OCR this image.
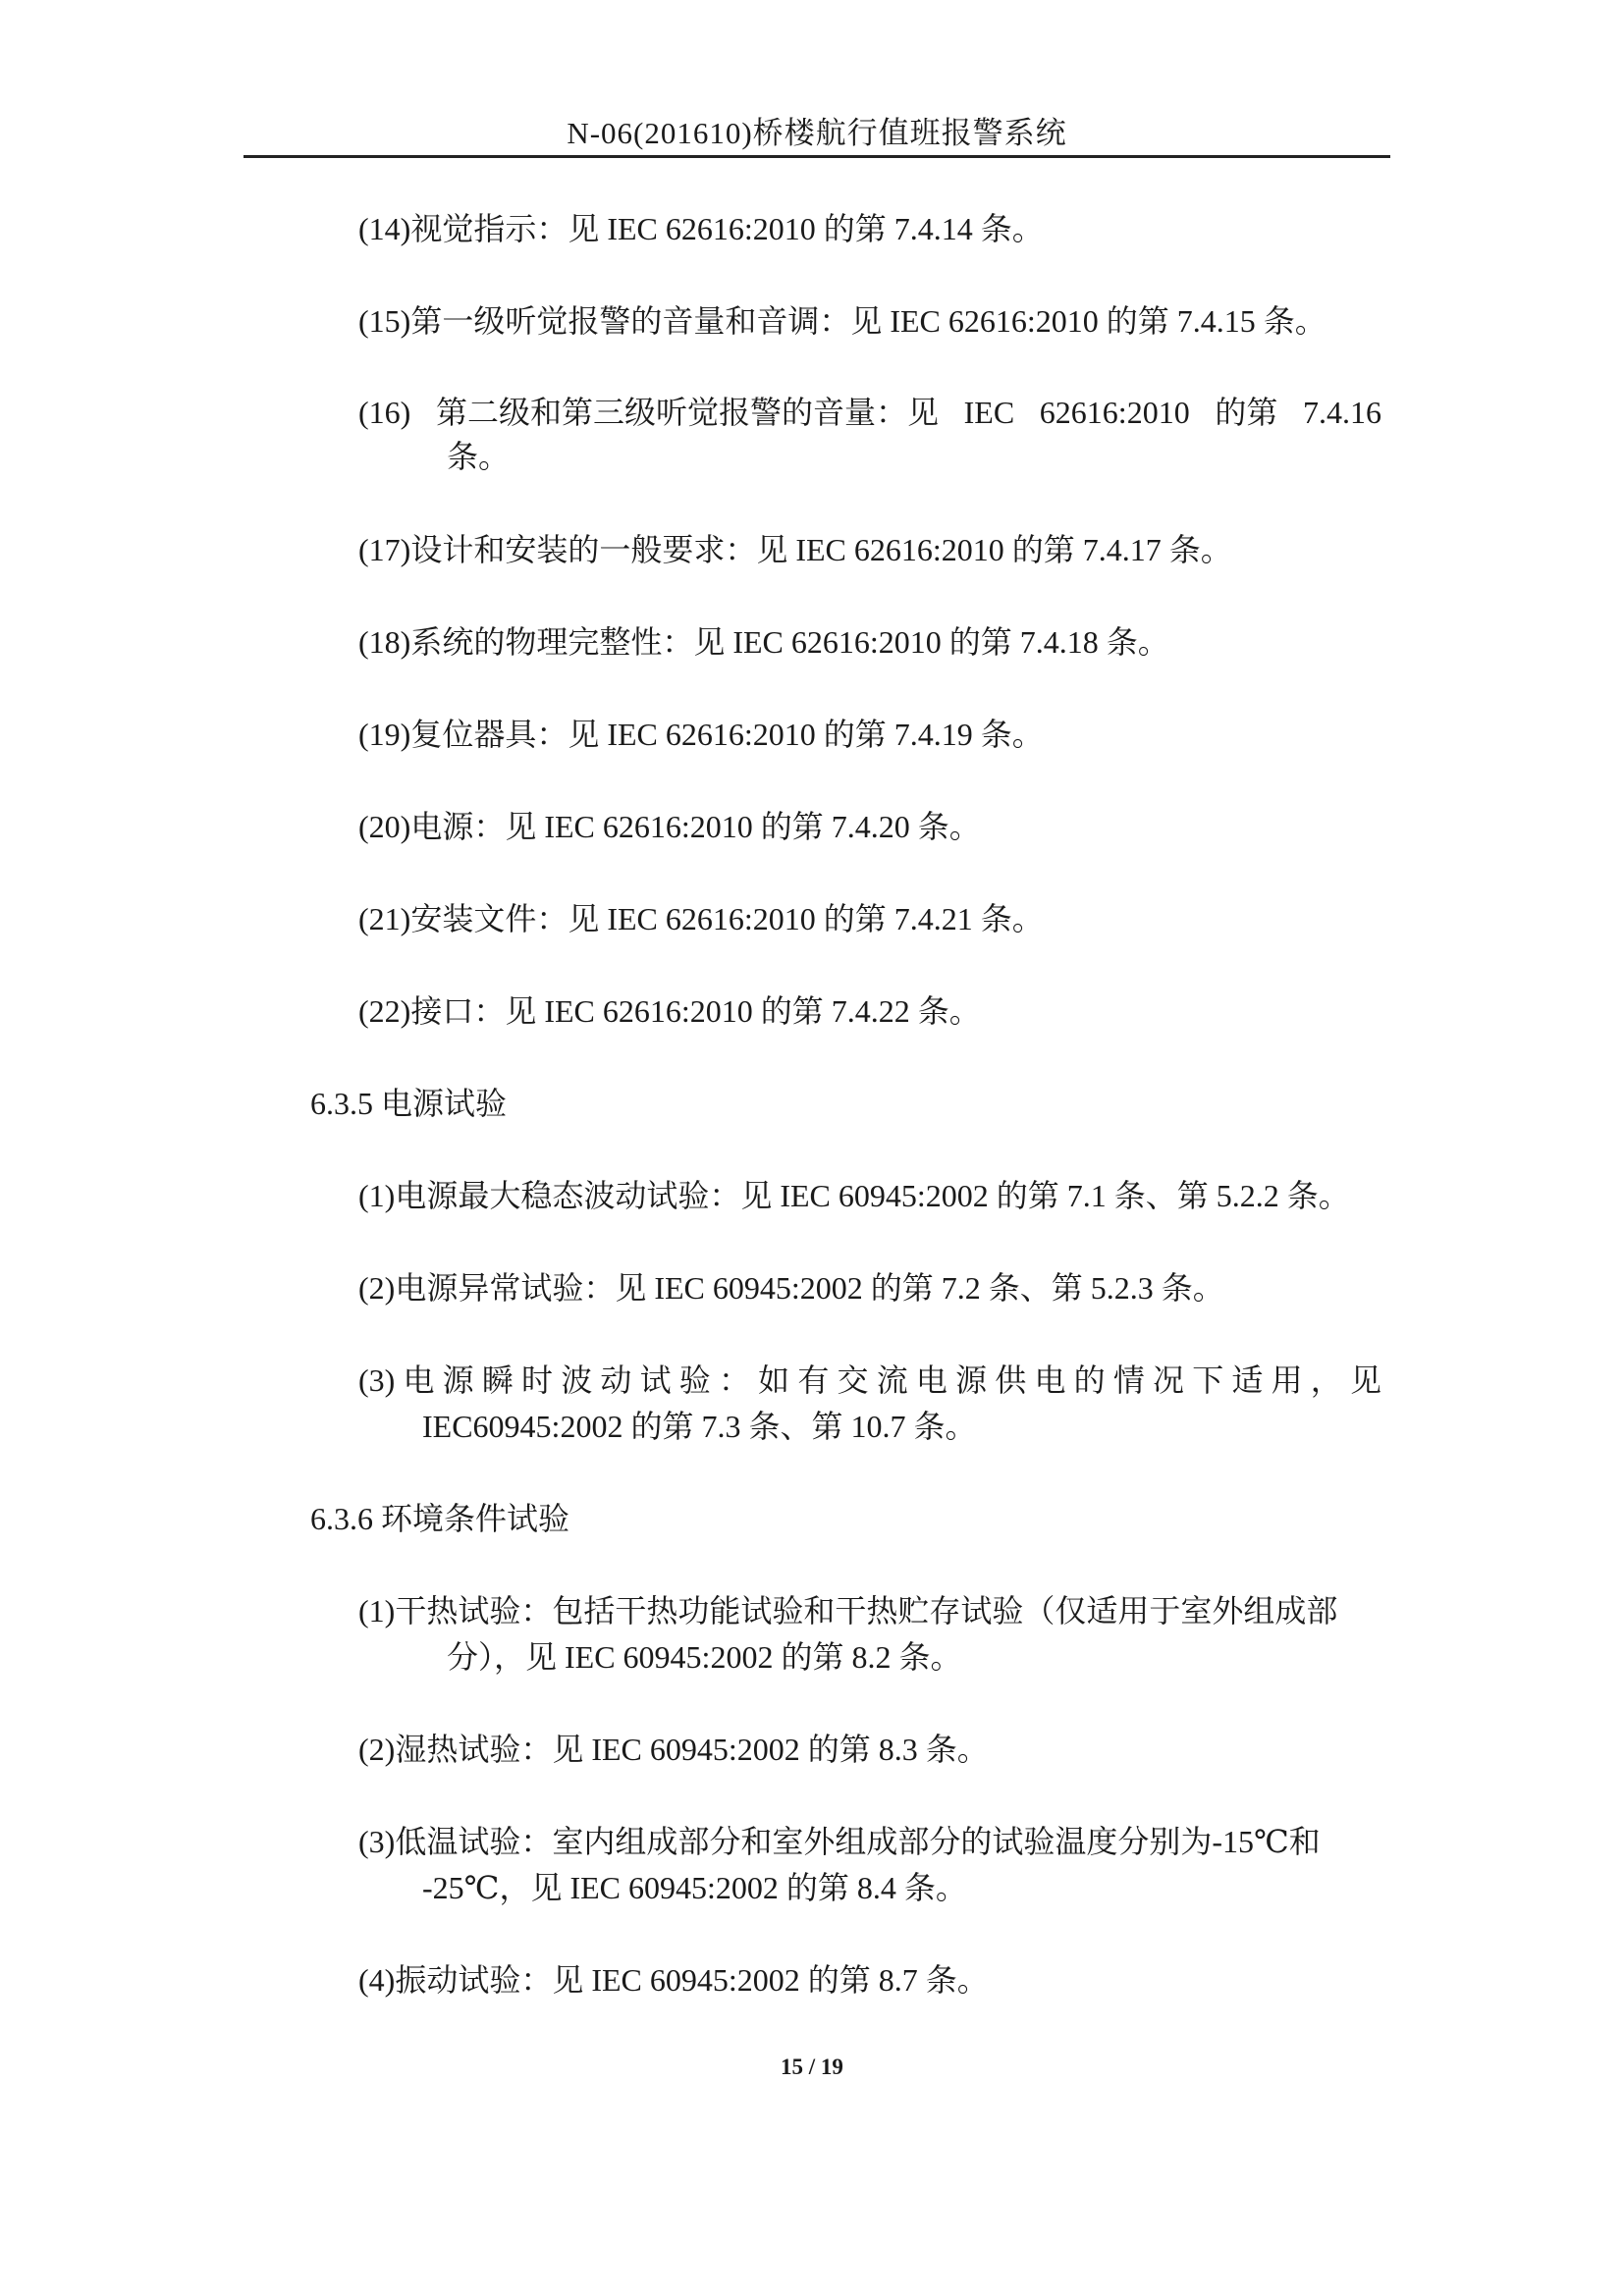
N-06(201610)桥楼航行值班报警系统
(14)视觉指示：见 IEC 62616:2010 的第 7.4.14 条。
(15)第一级听觉报警的音量和音调：见 IEC 62616:2010 的第 7.4.15 条。
(16) 第二级和第三级听觉报警的音量：见 IEC 62616:2010 的第 7.4.16
条。
(17)设计和安装的一般要求：见 IEC 62616:2010 的第 7.4.17 条。
(18)系统的物理完整性：见 IEC 62616:2010 的第 7.4.18 条。
(19)复位器具：见 IEC 62616:2010 的第 7.4.19 条。
(20)电源：见 IEC 62616:2010 的第 7.4.20 条。
(21)安装文件：见 IEC 62616:2010 的第 7.4.21 条。
(22)接口：见 IEC 62616:2010 的第 7.4.22 条。
6.3.5 电源试验
(1)电源最大稳态波动试验：见 IEC 60945:2002 的第 7.1 条、第 5.2.2 条。
(2)电源异常试验：见 IEC 60945:2002 的第 7.2 条、第 5.2.3 条。
(3) 电 源 瞬 时 波 动 试 验 ： 如 有 交 流 电 源 供 电 的 情 况 下 适 用 ， 见
IEC60945:2002 的第 7.3 条、第 10.7 条。
6.3.6 环境条件试验
(1)干热试验：包括干热功能试验和干热贮存试验（仅适用于室外组成部
分），见 IEC 60945:2002 的第 8.2 条。
(2)湿热试验：见 IEC 60945:2002 的第 8.3 条。
(3)低温试验：室内组成部分和室外组成部分的试验温度分别为-15℃和
-25℃，见 IEC 60945:2002 的第 8.4 条。
(4)振动试验：见 IEC 60945:2002 的第 8.7 条。
15 / 19
